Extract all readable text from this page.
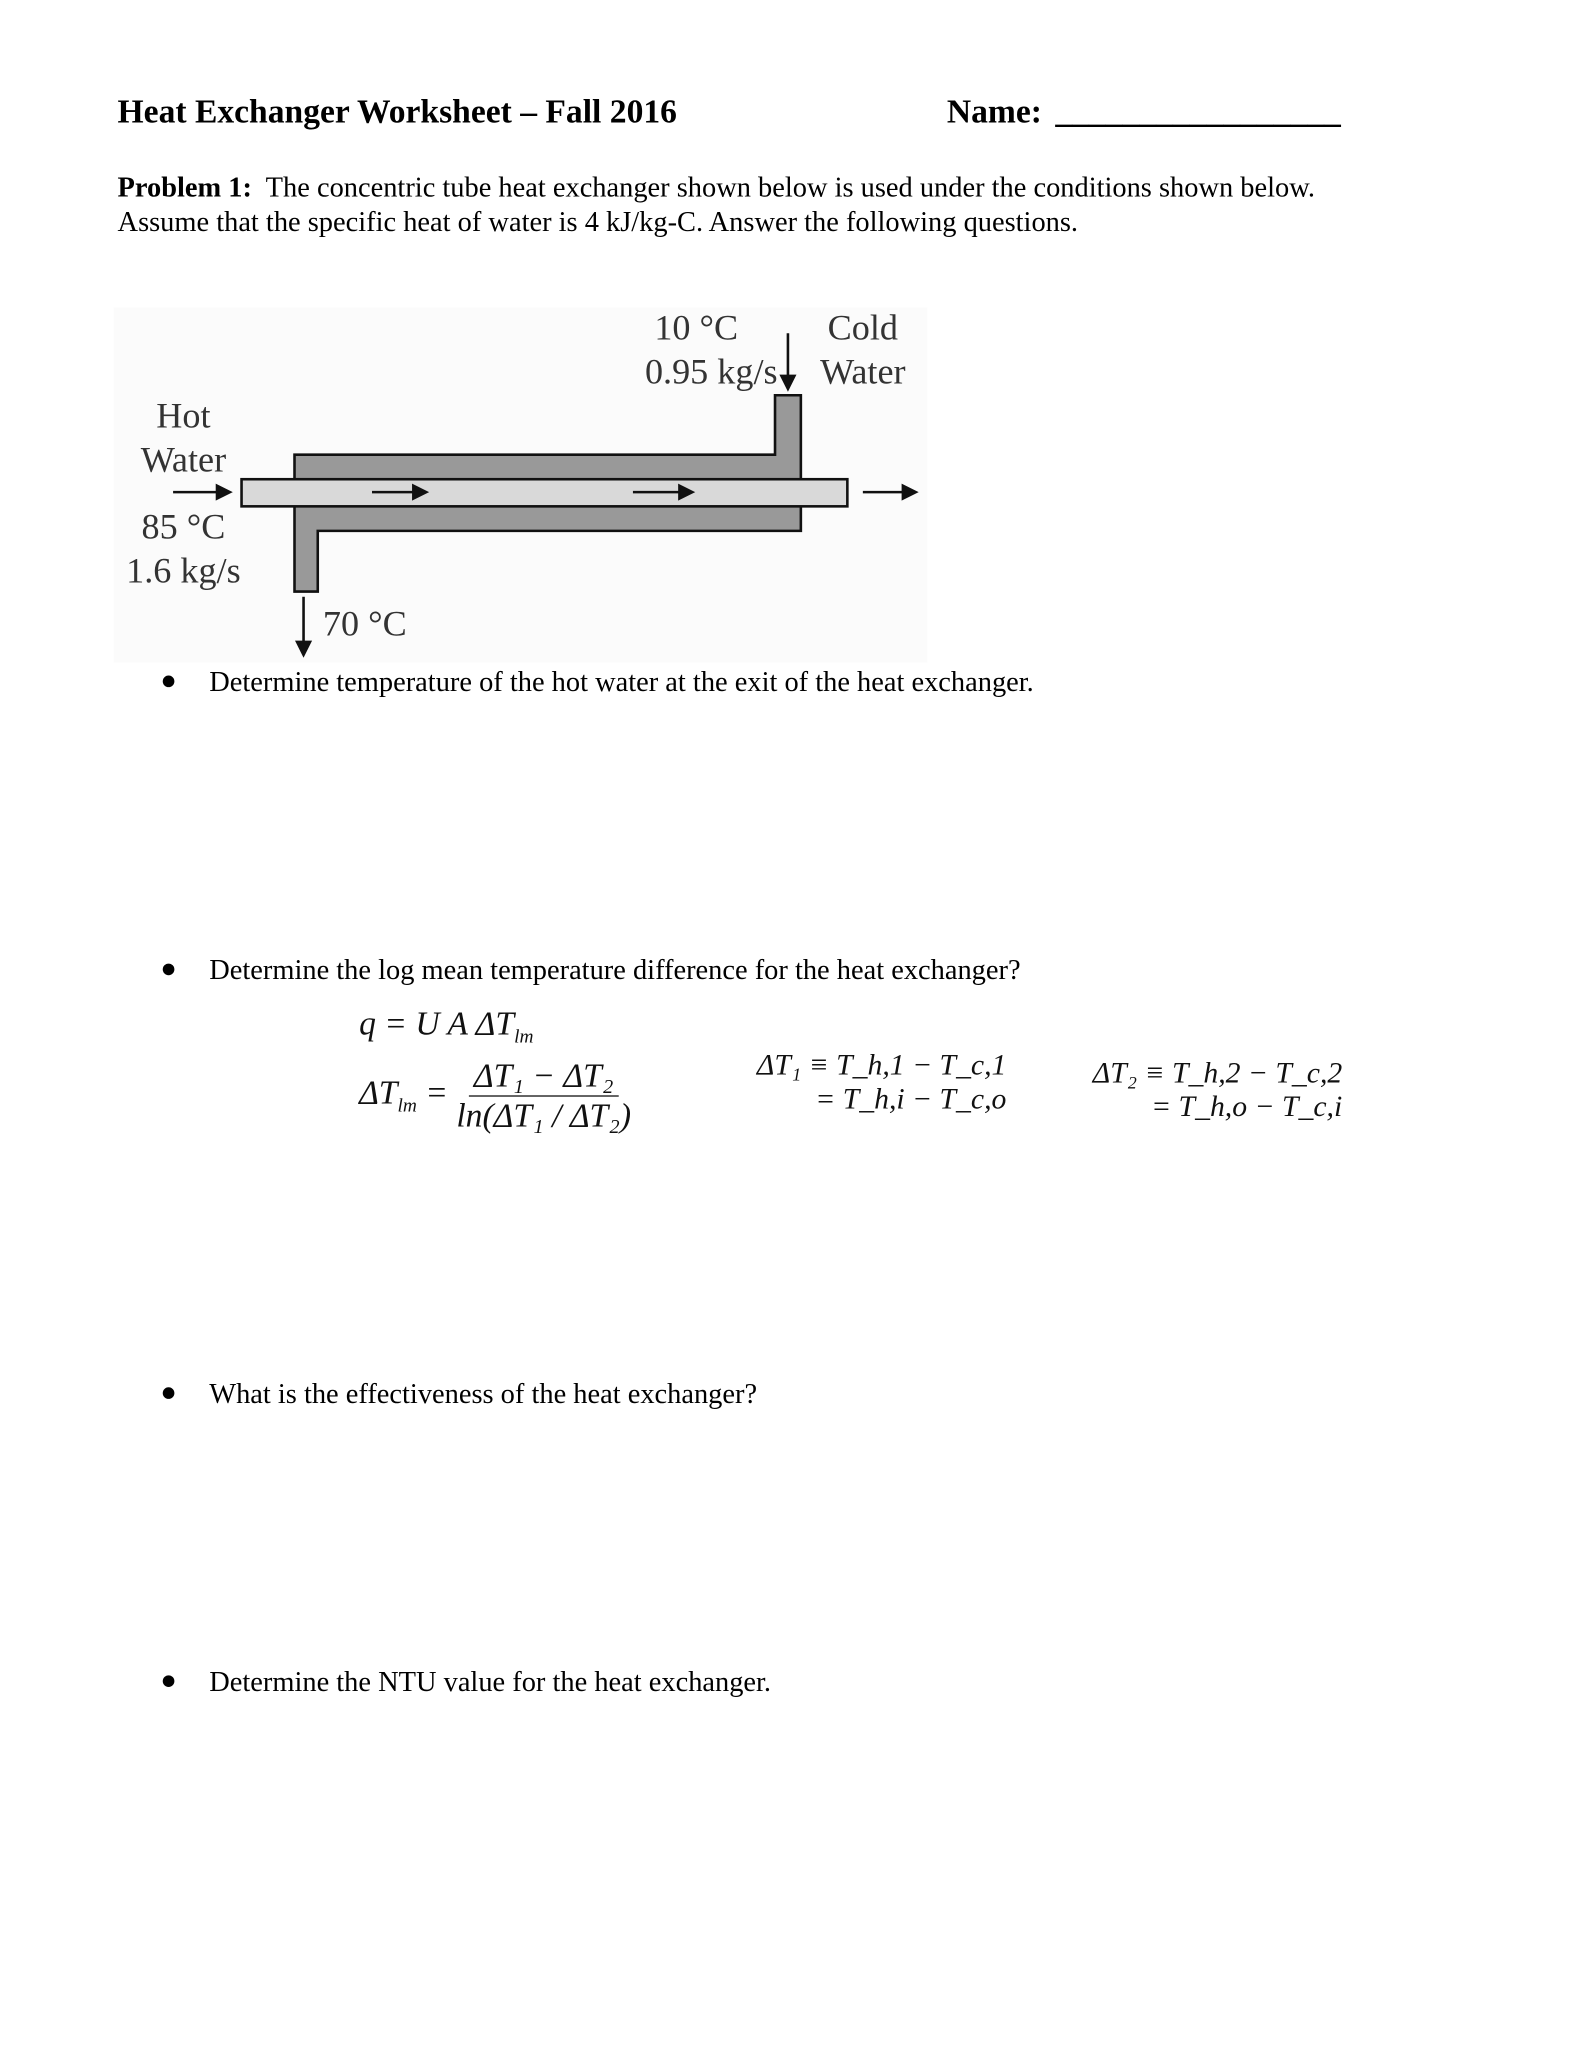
Heat Exchanger Worksheet – Fall 2016	Name: _________________
Problem 1: The concentric tube heat exchanger shown below is used under the conditions shown below.
Assume that the specific heat of water is 4 kJ/kg-C. Answer the following questions.
Hot
Water
85 °C
1.6 kg/s
10 °C
0.95 kg/s
Cold
Water
70 °C
Determine temperature of the hot water at the exit of the heat exchanger.
Determine the log mean temperature difference for the heat exchanger?
What is the effectiveness of the heat exchanger?
Determine the NTU value for the heat exchanger.
q = U A $\Delta T_{lm}$
$\Delta T_{lm} = \frac{\text{ΔT₁ − ΔT₂}}{\text{ln(ΔT₁ / ΔT₂)}}$	ΔT₁ ≡ T_h,1 − T_c,1
= T_h,i − T_c,o
ΔT₂ ≡ T_h,2 − T_c,2
= T_h,o − T_c,i
